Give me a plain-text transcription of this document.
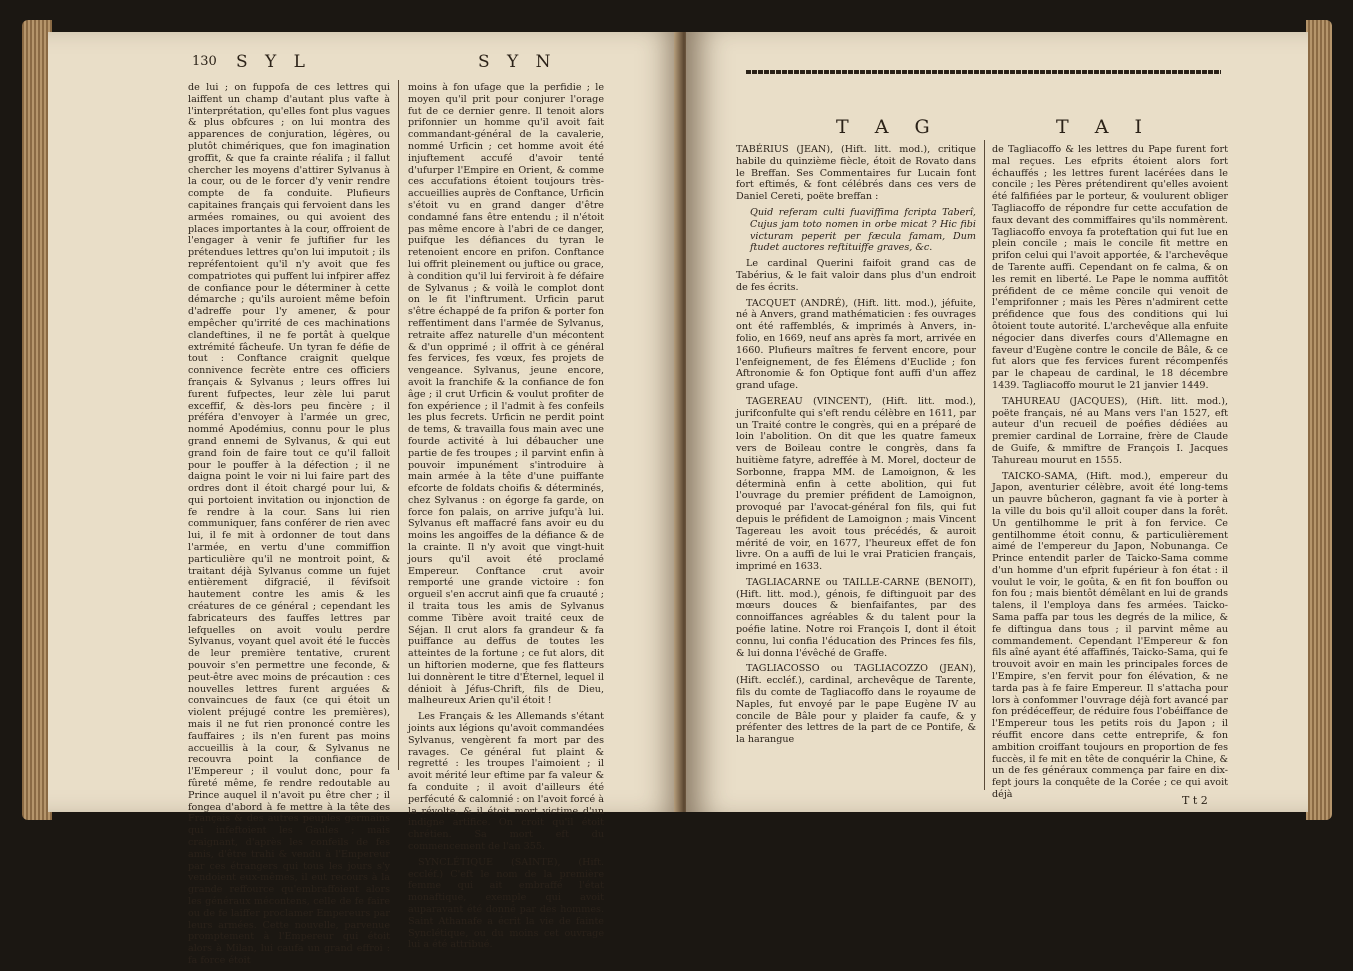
130 S Y L	S Y N

de lui ; on fuppofa de ces lettres qui laiffent un champ d'autant plus vafte à l'interprétation, qu'elles font plus vagues & plus obfcures ; on lui montra des apparences de conjuration, légères, ou plutôt chimériques, que fon imagination groffit, & que fa crainte réalifa ; il fallut chercher les moyens d'attirer Sylvanus à la cour, ou de le forcer d'y venir rendre compte de fa conduite. Plufieurs capitaines français qui fervoient dans les armées romaines, ou qui avoient des places importantes à la cour, offroient de l'engager à venir fe juftifier fur les prétendues lettres qu'on lui imputoit ; ils repréfentoient qu'il n'y avoit que fes compatriotes qui puffent lui infpirer affez de confiance pour le déterminer à cette démarche ; qu'ils auroient même befoin d'adreffe pour l'y amener, & pour empêcher qu'irrité de ces machinations clandeftines, il ne fe portât à quelque extrémité fâcheufe. Un tyran fe défie de tout : Conftance craignit quelque connivence fecrète entre ces officiers français & Sylvanus ; leurs offres lui furent fufpectes, leur zèle lui parut exceffif, & dès-lors peu fincère ; il préféra d'envoyer à l'armée un grec, nommé Apodémius, connu pour le plus grand ennemi de Sylvanus, & qui eut grand foin de faire tout ce qu'il falloit pour le pouffer à la défection ; il ne daigna point le voir ni lui faire part des ordres dont il étoit chargé pour lui, & qui portoient invitation ou injonction de fe rendre à la cour. Sans lui rien communiquer, fans conférer de rien avec lui, il fe mit à ordonner de tout dans l'armée, en vertu d'une commiffion particulière qu'il ne montroit point, & traitant déjà Sylvanus comme un fujet entièrement difgracié, il févifsoit hautement contre les amis & les créatures de ce général ; cependant les fabricateurs des fauffes lettres par lefquelles on avoit voulu perdre Sylvanus, voyant quel avoit été le fuccès de leur première tentative, crurent pouvoir s'en permettre une feconde, & peut-être avec moins de précaution : ces nouvelles lettres furent arguées & convaincues de faux (ce qui étoit un violent préjugé contre les premières), mais il ne fut rien prononcé contre les fauffaires ; ils n'en furent pas moins accueillis à la cour, & Sylvanus ne recouvra point la confiance de l'Empereur ; il voulut donc, pour fa fûreté même, fe rendre redoutable au Prince auquel il n'avoit pu être cher ; il fongea d'abord à fe mettre à la tête des Français & des autres peuples germains qui infeftoient les Gaules ; mais craignant, d'après les confeils de fes amis, d'être trahi & vendu à l'Empereur par ces étrangers qui tous les jours s'y vendoient eux-mêmes, il eut recours à la grande reffource qu'embraffoient alors les généraux mécontens, celle de fe faire ou de fe laiffer proclamer Empereurs par leurs armées. Cette nouvelle, parvenue promptement à l'Empereur qui étoit alors à Milan, lui caufa un grand effroi : fa force étoit

moins à fon ufage que la perfidie ; le moyen qu'il prit pour conjurer l'orage fut de ce dernier genre. Il tenoit alors prifonnier un homme qu'il avoit fait commandant-général de la cavalerie, nommé Urficin ; cet homme avoit été injuftement accufé d'avoir tenté d'ufurper l'Empire en Orient, & comme ces accufations étoient toujours très-accueillies auprès de Conftance, Urficin s'étoit vu en grand danger d'être condamné fans être entendu ; il n'étoit pas même encore à l'abri de ce danger, puifque les défiances du tyran le retenoient encore en prifon. Conftance lui offrit pleinement ou juftice ou grace, à condition qu'il lui ferviroit à fe défaire de Sylvanus ; & voilà le complot dont on le fit l'inftrument. Urficin parut s'être échappé de fa prifon & porter fon reffentiment dans l'armée de Sylvanus, retraite affez naturelle d'un mécontent & d'un opprimé ; il offrit à ce général fes fervices, fes vœux, fes projets de vengeance. Sylvanus, jeune encore, avoit la franchife & la confiance de fon âge ; il crut Urficin & voulut profiter de fon expérience ; il l'admit à fes confeils les plus fecrets. Urficin ne perdit point de tems, & travailla fous main avec une fourde activité à lui débaucher une partie de fes troupes ; il parvint enfin à pouvoir impunément s'introduire à main armée à la tête d'une puiffante efcorte de foldats choifis & déterminés, chez Sylvanus : on égorge fa garde, on force fon palais, on arrive jufqu'à lui. Sylvanus eft maffacré fans avoir eu du moins les angoiffes de la défiance & de la crainte. Il n'y avoit que vingt-huit jours qu'il avoit été proclamé Empereur. Conftance crut avoir remporté une grande victoire : fon orgueil s'en accrut ainfi que fa cruauté ; il traita tous les amis de Sylvanus comme Tibère avoit traité ceux de Séjan. Il crut alors fa grandeur & fa puiffance au deffus de toutes les atteintes de la fortune ; ce fut alors, dit un hiftorien moderne, que fes flatteurs lui donnèrent le titre d'Éternel, lequel il dénioit à Jéfus-Chrift, fils de Dieu, malheureux Arien qu'il étoit !

Les Français & les Allemands s'étant joints aux légions qu'avoit commandées Sylvanus, vengèrent fa mort par des ravages. Ce général fut plaint & regretté : les troupes l'aimoient ; il avoit mérité leur eftime par fa valeur & fa conduite ; il avoit d'ailleurs été perfécuté & calomnié : on l'avoit forcé à la révolte, & il étoit mort victime d'un indigne artifice. On croit qu'il étoit chrétien. Sa mort eft du commencement de l'an 355.

SYNCLÉTIQUE (SAINTE), (Hift. eccléf.) C'eft le nom de la première femme qui ait embraffé l'état monaftique, exemple qui avoit auparavant été donné par des hommes. Saint Athanafe a écrit la vie de fainte Synclétique, ou du moins cet ouvrage lui a été attribué.

T A G	T A I

TABÉRIUS (JEAN), (Hift. litt. mod.), critique habile du quinzième fiècle, étoit de Rovato dans le Breffan. Ses Commentaires fur Lucain font fort eftimés, & font célébrés dans ces vers de Daniel Cereti, poëte breffan :

Quid referam culti fuaviffima fcripta Taberî, Cujus jam toto nomen in orbe micat ? Hic fibi victuram peperit per fæcula famam, Dum ftudet auctores reftituiffe graves, &c.

Le cardinal Querini faifoit grand cas de Tabérius, & le fait valoir dans plus d'un endroit de fes écrits.

TACQUET (ANDRÉ), (Hift. litt. mod.), jéfuite, né à Anvers, grand mathématicien : fes ouvrages ont été raffemblés, & imprimés à Anvers, in-folio, en 1669, neuf ans après fa mort, arrivée en 1660. Plufieurs maîtres fe fervent encore, pour l'enfeignement, de fes Élémens d'Euclide ; fon Aftronomie & fon Optique font auffi d'un affez grand ufage.

TAGEREAU (VINCENT), (Hift. litt. mod.), jurifconfulte qui s'eft rendu célèbre en 1611, par un Traité contre le congrès, qui en a préparé de loin l'abolition. On dit que les quatre fameux vers de Boileau contre le congrès, dans fa huitième fatyre, adreffée à M. Morel, docteur de Sorbonne, frappa MM. de Lamoignon, & les déterminà enfin à cette abolition, qui fut l'ouvrage du premier préfident de Lamoignon, provoqué par l'avocat-général fon fils, qui fut depuis le préfident de Lamoignon ; mais Vincent Tagereau les avoit tous précédés, & auroit mérité de voir, en 1677, l'heureux effet de fon livre. On a auffi de lui le vrai Praticien français, imprimé en 1633.

TAGLIACARNE ou TAILLE-CARNE (BENOIT), (Hift. litt. mod.), génois, fe diftinguoit par des mœurs douces & bienfaifantes, par des connoiffances agréables & du talent pour la poéfie latine. Notre roi François I, dont il étoit connu, lui confia l'éducation des Princes fes fils, & lui donna l'évêché de Graffe.

TAGLIACOSSO ou TAGLIACOZZO (JEAN), (Hift. eccléf.), cardinal, archevêque de Tarente, fils du comte de Tagliacoffo dans le royaume de Naples, fut envoyé par le pape Eugène IV au concile de Bâle pour y plaider fa caufe, & y préfenter des lettres de la part de ce Pontife, & la harangue

de Tagliacoffo & les lettres du Pape furent fort mal reçues. Les efprits étoient alors fort échauffés ; les lettres furent lacérées dans le concile ; les Pères prétendirent qu'elles avoient été falfifiées par le porteur, & voulurent obliger Tagliacoffo de répondre fur cette accufation de faux devant des commiffaires qu'ils nommèrent. Tagliacoffo envoya fa proteftation qui fut lue en plein concile ; mais le concile fit mettre en prifon celui qui l'avoit apportée, & l'archevêque de Tarente auffi. Cependant on fe calma, & on les remit en liberté. Le Pape le nomma auffitôt préfident de ce même concile qui venoit de l'emprifonner ; mais les Pères n'admirent cette préfidence que fous des conditions qui lui ôtoient toute autorité. L'archevêque alla enfuite négocier dans diverfes cours d'Allemagne en faveur d'Eugène contre le concile de Bâle, & ce fut alors que fes fervices furent récompenfés par le chapeau de cardinal, le 18 décembre 1439. Tagliacoffo mourut le 21 janvier 1449.

TAHUREAU (JACQUES), (Hift. litt. mod.), poëte français, né au Mans vers l'an 1527, eft auteur d'un recueil de poéfies dédiées au premier cardinal de Lorraine, frère de Claude de Guife, & mmiftre de François I. Jacques Tahureau mourut en 1555.

TAICKO-SAMA, (Hift. mod.), empereur du Japon, aventurier célèbre, avoit été long-tems un pauvre bûcheron, gagnant fa vie à porter à la ville du bois qu'il alloit couper dans la forêt. Un gentilhomme le prit à fon fervice. Ce gentilhomme étoit connu, & particulièrement aimé de l'empereur du Japon, Nobunanga. Ce Prince entendit parler de Taicko-Sama comme d'un homme d'un efprit fupérieur à fon état : il voulut le voir, le goûta, & en fit fon bouffon ou fon fou ; mais bientôt démêlant en lui de grands talens, il l'employa dans fes armées. Taicko-Sama paffa par tous les degrés de la milice, & fe diftingua dans tous ; il parvint même au commandement. Cependant l'Empereur & fon fils aîné ayant été affaffinés, Taicko-Sama, qui fe trouvoit avoir en main les principales forces de l'Empire, s'en fervit pour fon élévation, & ne tarda pas à fe faire Empereur. Il s'attacha pour lors à confommer l'ouvrage déjà fort avancé par fon prédéceffeur, de réduire fous l'obéiffance de l'Empereur tous les petits rois du Japon ; il réuffit encore dans cette entreprife, & fon ambition croiffant toujours en proportion de fes fuccès, il fe mit en tête de conquérir la Chine, & un de fes généraux commença par faire en dix-fept jours la conquête de la Corée ; ce qui avoit déjà	T t 2
